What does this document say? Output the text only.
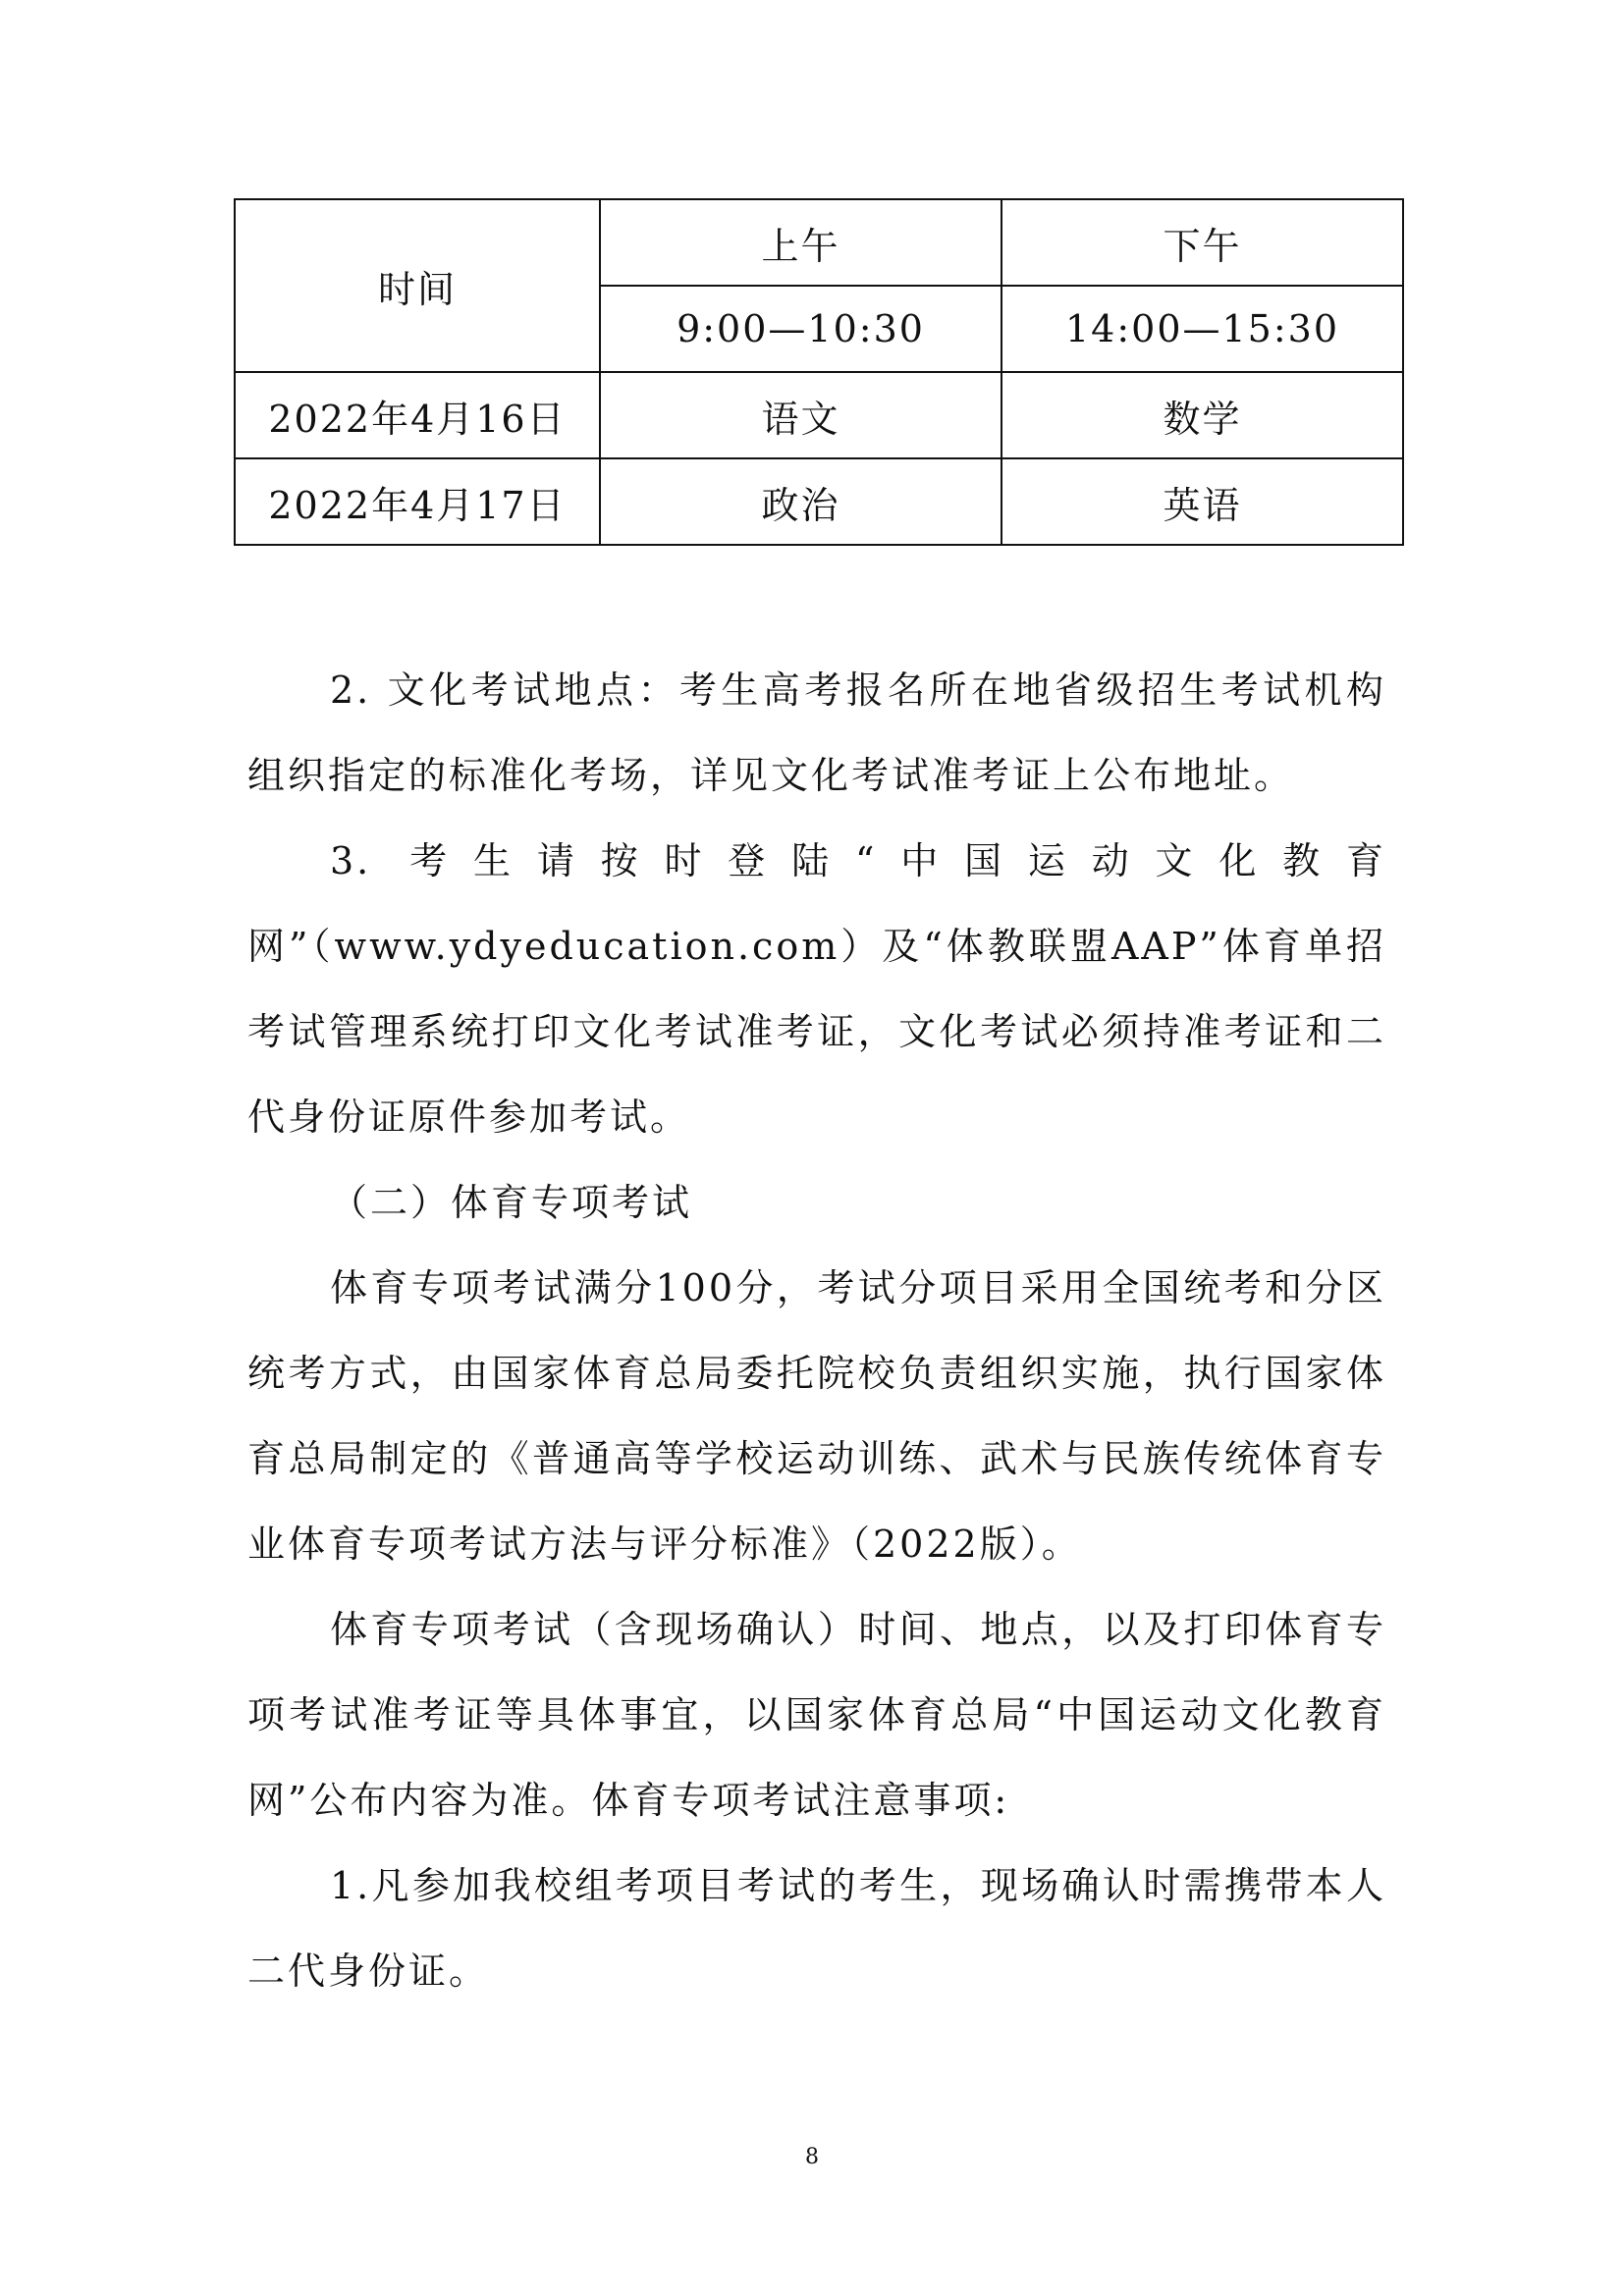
时间	上午	下午
	9:00—10:30	14:00—15:30
2022年4月16日	语文	数学
2022年4月17日	政治	英语

2. 文化考试地点：考生高考报名所在地省级招生考试机构组织指定的标准化考场，详见文化考试准考证上公布地址。

3. 考生请按时登陆“中国运动文化教育网”（www.ydyeducation.com）及“体教联盟AAP”体育单招考试管理系统打印文化考试准考证，文化考试必须持准考证和二代身份证原件参加考试。

（二）体育专项考试

体育专项考试满分100分，考试分项目采用全国统考和分区统考方式，由国家体育总局委托院校负责组织实施，执行国家体育总局制定的《普通高等学校运动训练、武术与民族传统体育专业体育专项考试方法与评分标准》（2022版）。

体育专项考试（含现场确认）时间、地点，以及打印体育专项考试准考证等具体事宜，以国家体育总局“中国运动文化教育网”公布内容为准。体育专项考试注意事项:

1.凡参加我校组考项目考试的考生，现场确认时需携带本人二代身份证。

8
